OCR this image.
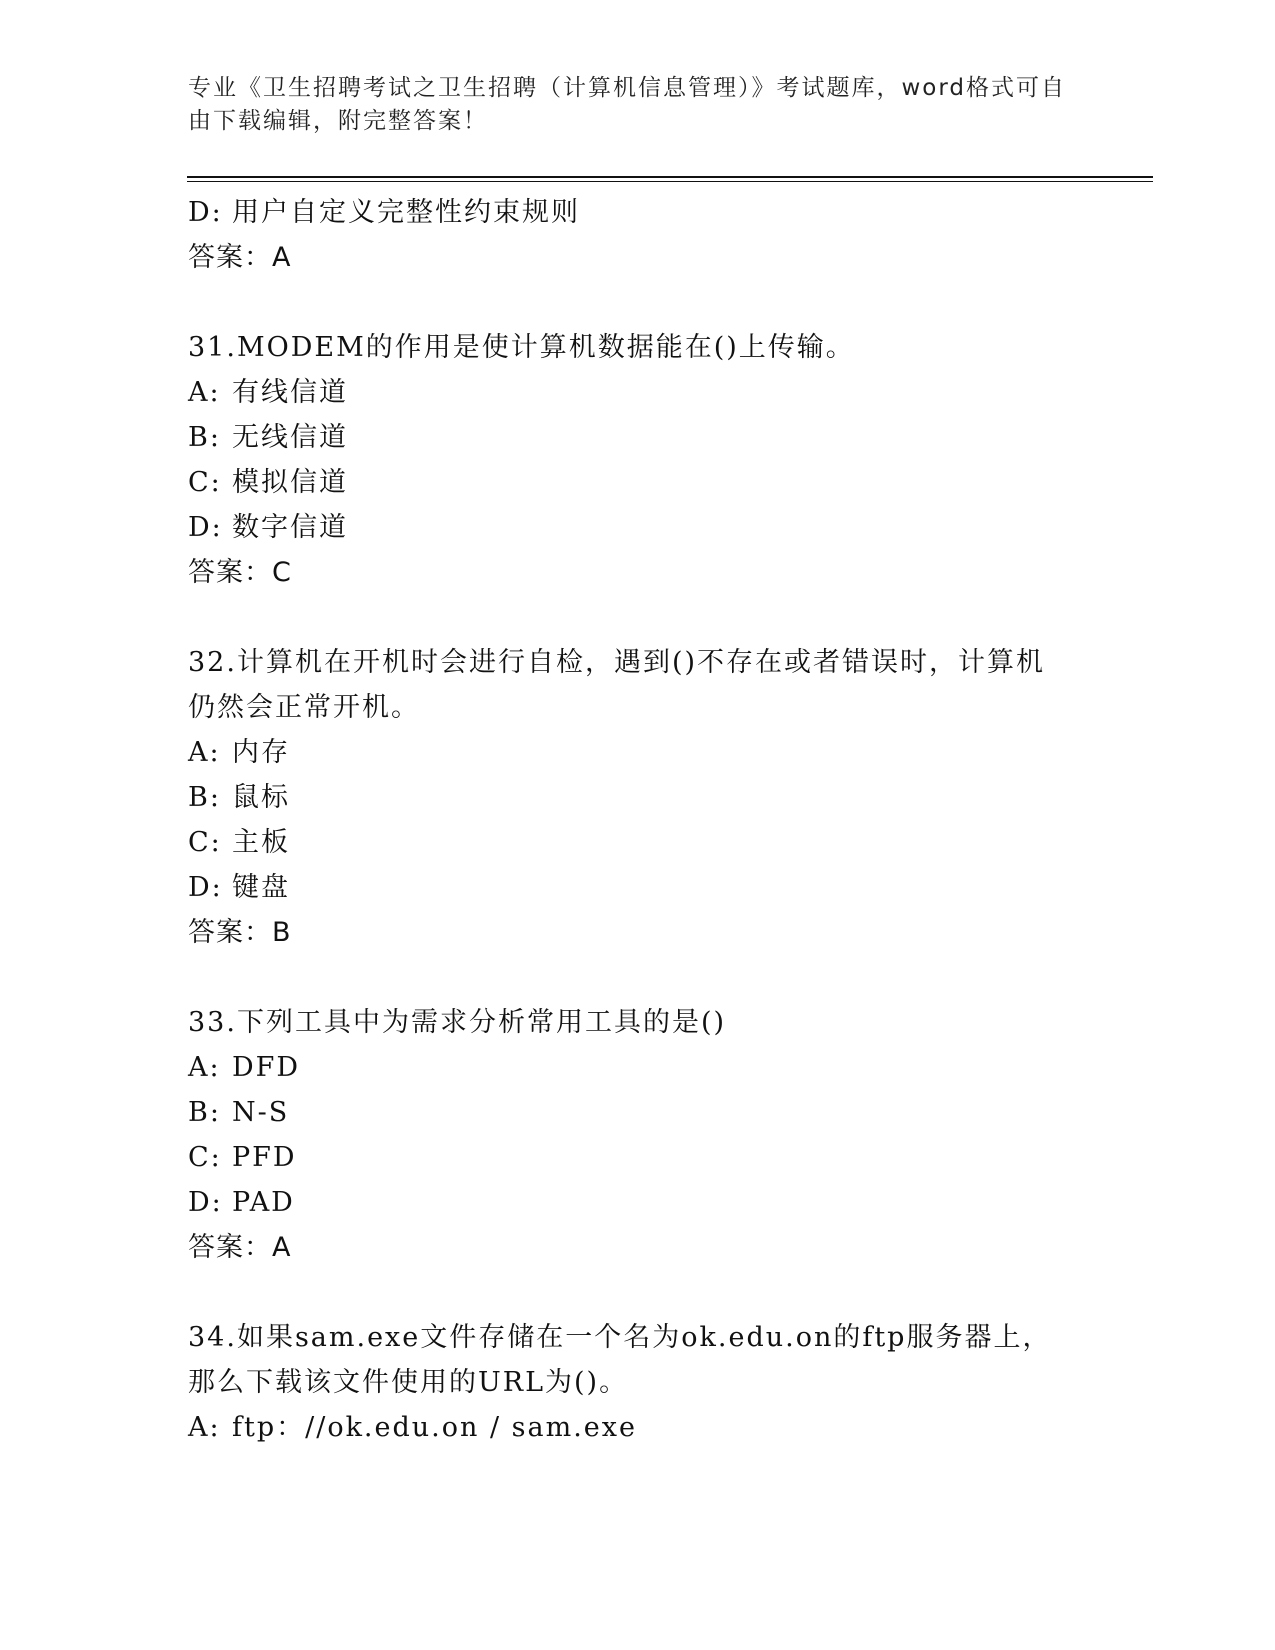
专业《卫生招聘考试之卫生招聘（计算机信息管理）》考试题库，word格式可自
由下载编辑，附完整答案！
D: 用户自定义完整性约束规则
答案：A
31.MODEM的作用是使计算机数据能在()上传输。
A: 有线信道
B: 无线信道
C: 模拟信道
D: 数字信道
答案：C
32.计算机在开机时会进行自检，遇到()不存在或者错误时，计算机仍然会正常开机。
A: 内存
B: 鼠标
C: 主板
D: 键盘
答案：B
33.下列工具中为需求分析常用工具的是()
A: DFD
B: N-S
C: PFD
D: PAD
答案：A
34.如果sam.exe文件存储在一个名为ok.edu.on的ftp服务器上，那么下载该文件使用的URL为()。
A: ftp：//ok.edu.on / sam.exe
